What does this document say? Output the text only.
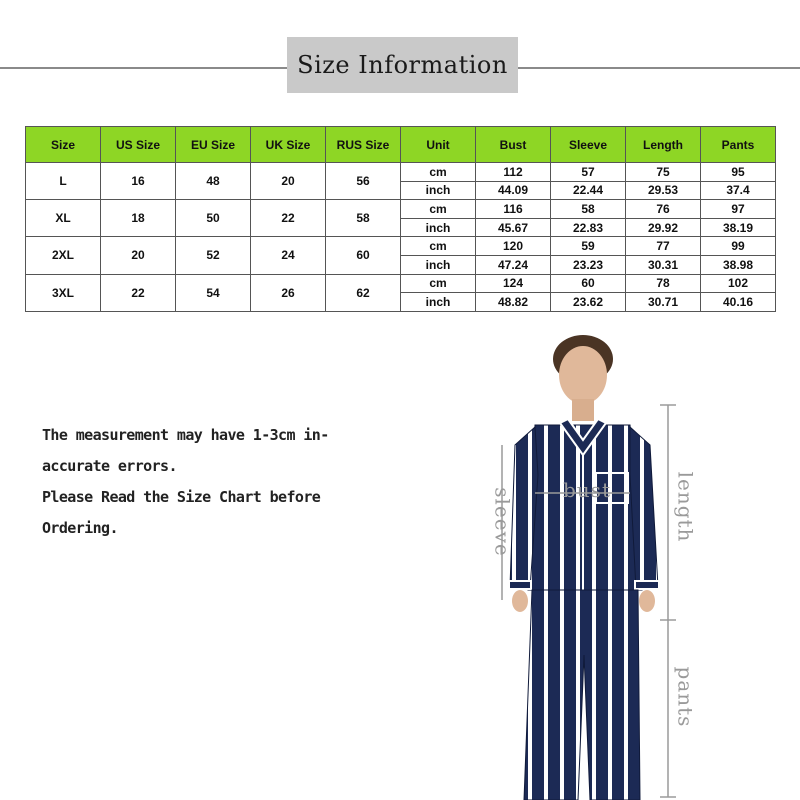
Size Information
Size	US Size	EU Size	UK Size	RUS Size	Unit	Bust	Sleeve	Length	Pants
L	16	48	20	56	cm	112	57	75	95
					inch	44.09	22.44	29.53	37.4
XL	18	50	22	58	cm	116	58	76	97
					inch	45.67	22.83	29.92	38.19
2XL	20	52	24	60	cm	120	59	77	99
					inch	47.24	23.23	30.31	38.98
3XL	22	54	26	62	cm	124	60	78	102
					inch	48.82	23.62	30.71	40.16

The measurement may have 1-3cm in-

accurate errors.

Please Read the Size Chart before

Ordering.

bust
sleeve	length
pants
